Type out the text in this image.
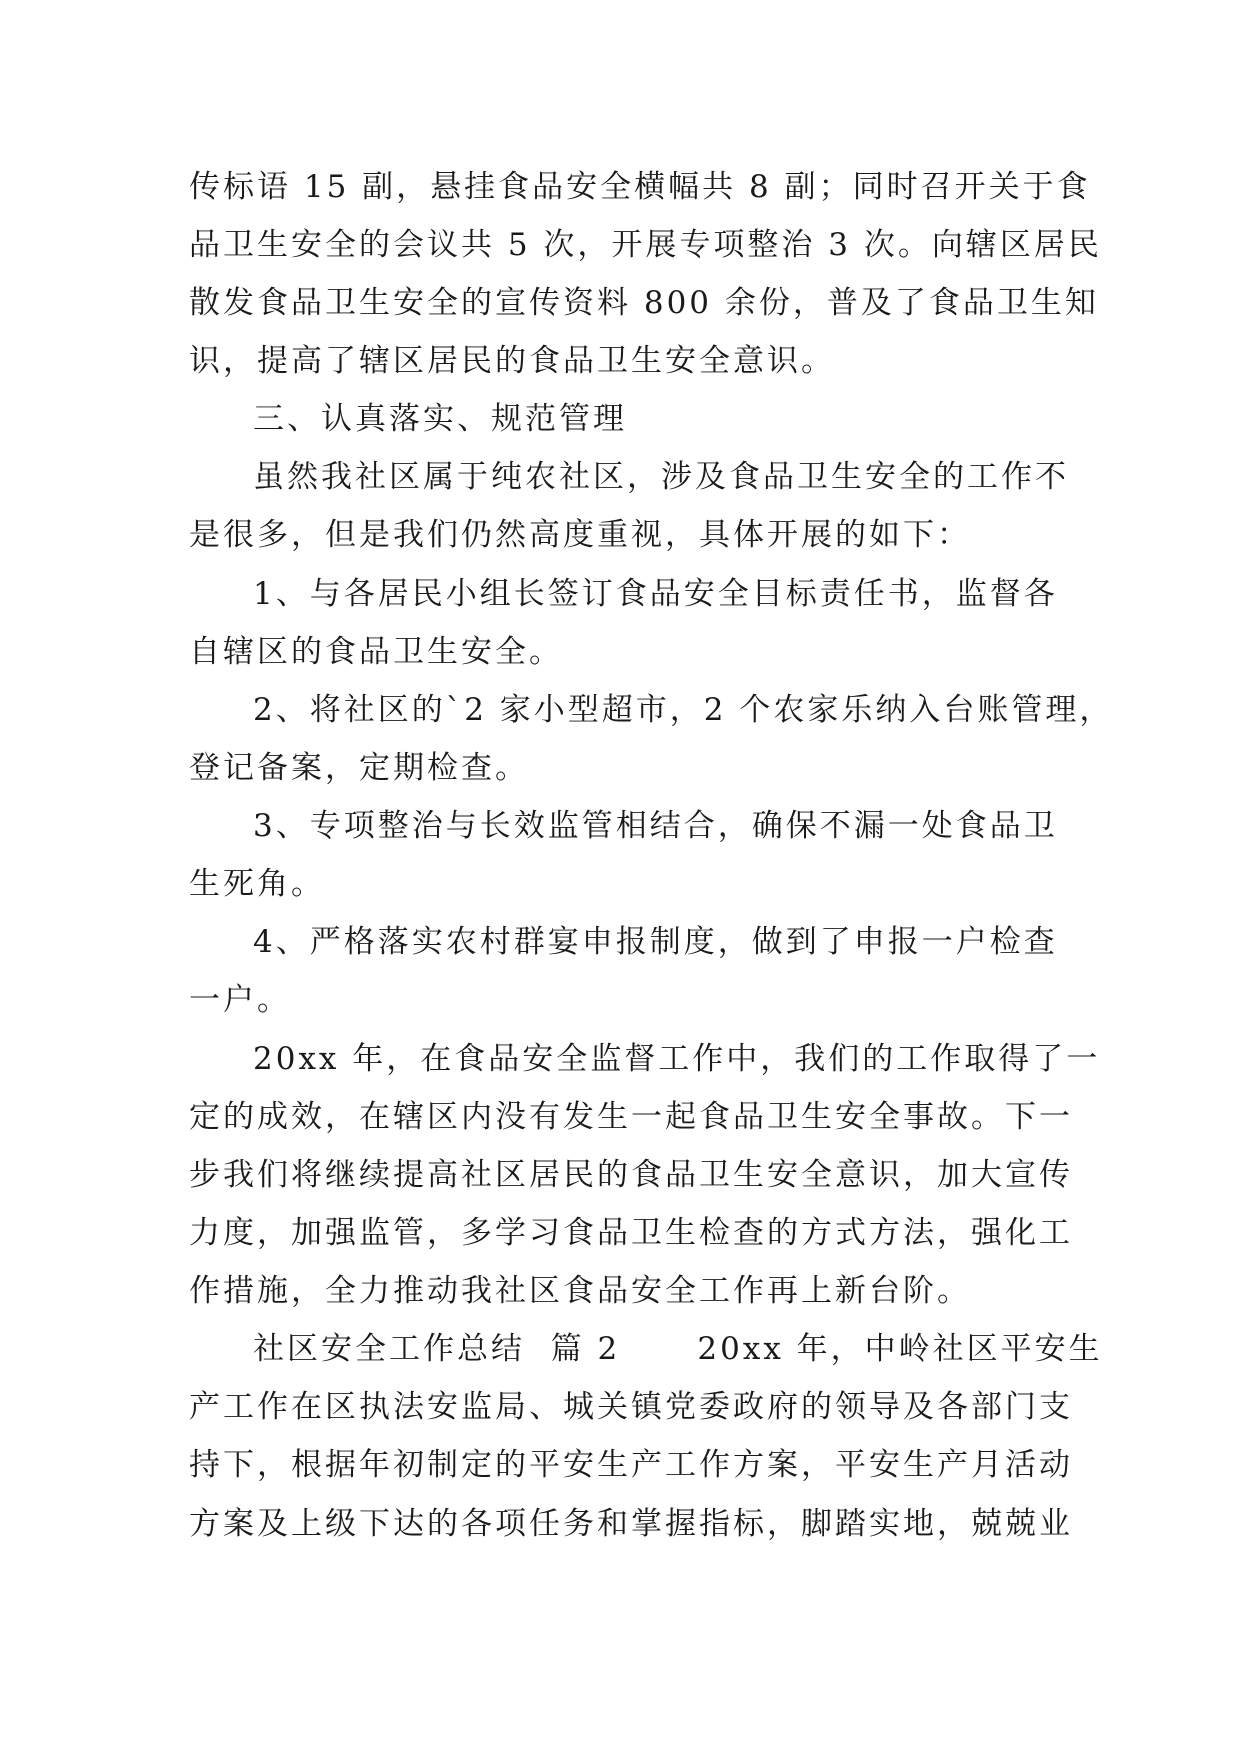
传标语 15 副，悬挂食品安全横幅共 8 副；同时召开关于食
品卫生安全的会议共 5 次，开展专项整治 3 次。向辖区居民
散发食品卫生安全的宣传资料 800 余份，普及了食品卫生知
识，提高了辖区居民的食品卫生安全意识。
三、认真落实、规范管理
虽然我社区属于纯农社区，涉及食品卫生安全的工作不
是很多，但是我们仍然高度重视，具体开展的如下：
1、与各居民小组长签订食品安全目标责任书，监督各
自辖区的食品卫生安全。
2、将社区的`2 家小型超市，2 个农家乐纳入台账管理，
登记备案，定期检查。
3、专项整治与长效监管相结合，确保不漏一处食品卫
生死角。
4、严格落实农村群宴申报制度，做到了申报一户检查
一户。
20xx 年，在食品安全监督工作中，我们的工作取得了一
定的成效，在辖区内没有发生一起食品卫生安全事故。下一
步我们将继续提高社区居民的食品卫生安全意识，加大宣传
力度，加强监管，多学习食品卫生检查的方式方法，强化工
作措施，全力推动我社区食品安全工作再上新台阶。
社区安全工作总结  篇 2      20xx 年，中岭社区平安生
产工作在区执法安监局、城关镇党委政府的领导及各部门支
持下，根据年初制定的平安生产工作方案，平安生产月活动
方案及上级下达的各项任务和掌握指标，脚踏实地，兢兢业
